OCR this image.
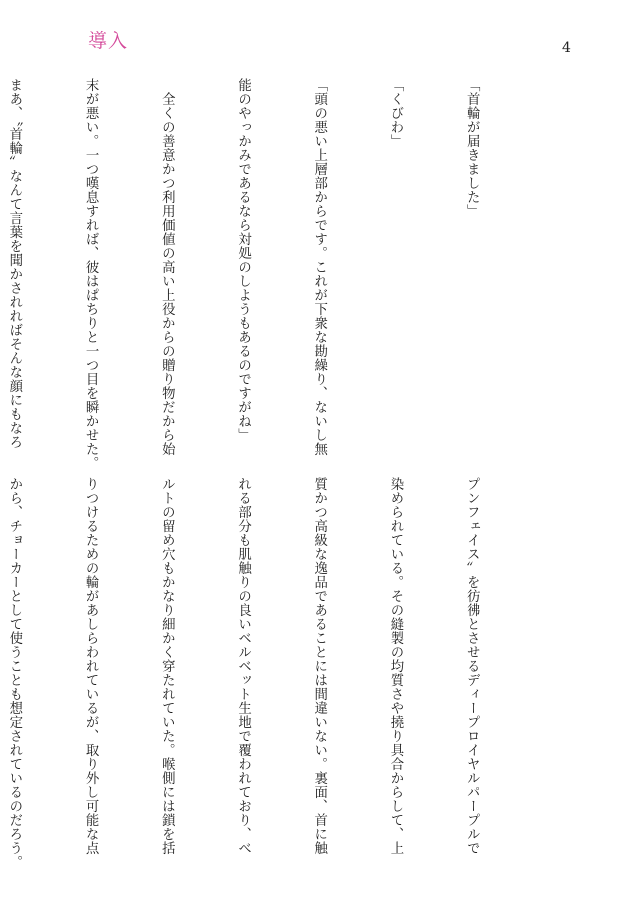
導入	4

「首輪が届きました」

「くびわ」

「頭の悪い上層部からです。これが下衆な勘繰り、ないし無

能のやっかみであるなら対処のしようもあるのですがね」

　全くの善意かつ利用価値の高い上役からの贈り物だから始

末が悪い。一つ嘆息すれば、彼はぱちりと一つ目を瞬かせた。

まあ、〝首輪〟なんて言葉を聞かされればそんな顔にもなろ

プンフェイス〟を彷彿とさせるディープロイヤルパープルで

染められている。その縫製の均質さや撓り具合からして、上

質かつ高級な逸品であることには間違いない。裏面、首に触

れる部分も肌触りの良いベルベット生地で覆われており、べ

ルトの留め穴もかなり細かく穿たれていた。喉側には鎖を括

りつけるための輪があしらわれているが、取り外し可能な点

から、チョーカーとして使うことも想定されているのだろう。
